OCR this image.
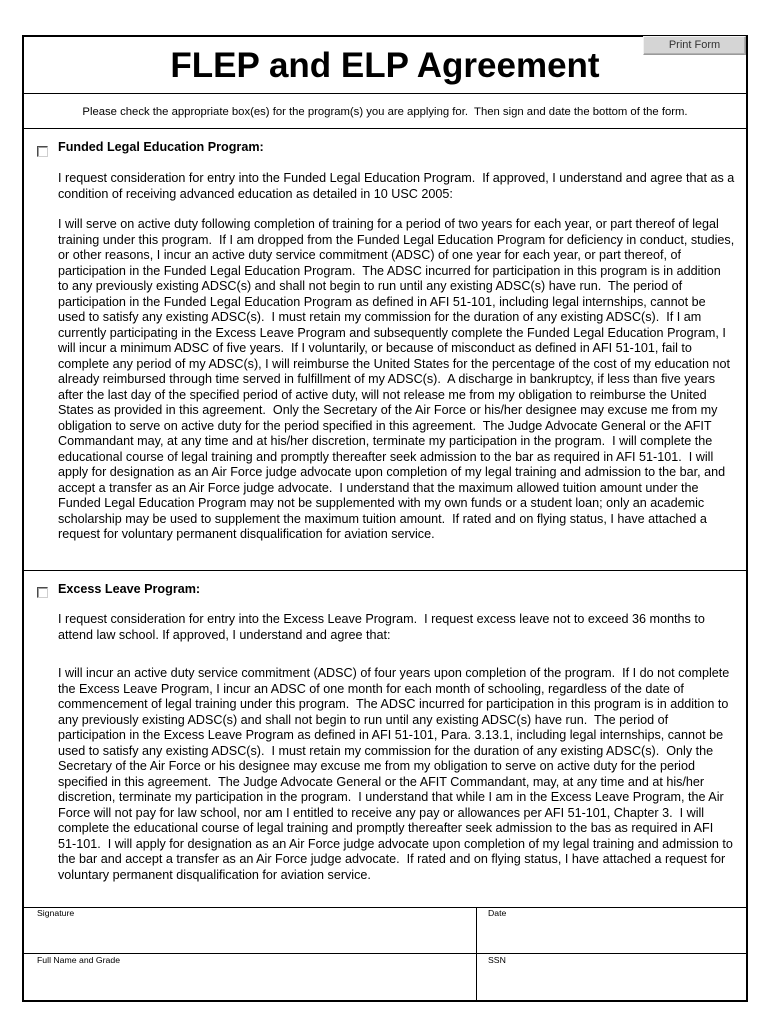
FLEP and ELP Agreement
Print Form
Please check the appropriate box(es) for the program(s) you are applying for.  Then sign and date the bottom of the form.
Funded Legal Education Program:
I request consideration for entry into the Funded Legal Education Program.  If approved, I understand and agree that as a
condition of receiving advanced education as detailed in 10 USC 2005:
I will serve on active duty following completion of training for a period of two years for each year, or part thereof of legal
training under this program.  If I am dropped from the Funded Legal Education Program for deficiency in conduct, studies,
or other reasons, I incur an active duty service commitment (ADSC) of one year for each year, or part thereof, of
participation in the Funded Legal Education Program.  The ADSC incurred for participation in this program is in addition
to any previously existing ADSC(s) and shall not begin to run until any existing ADSC(s) have run.  The period of
participation in the Funded Legal Education Program as defined in AFI 51-101, including legal internships, cannot be
used to satisfy any existing ADSC(s).  I must retain my commission for the duration of any existing ADSC(s).  If I am
currently participating in the Excess Leave Program and subsequently complete the Funded Legal Education Program, I
will incur a minimum ADSC of five years.  If I voluntarily, or because of misconduct as defined in AFI 51-101, fail to
complete any period of my ADSC(s), I will reimburse the United States for the percentage of the cost of my education not
already reimbursed through time served in fulfillment of my ADSC(s).  A discharge in bankruptcy, if less than five years
after the last day of the specified period of active duty, will not release me from my obligation to reimburse the United
States as provided in this agreement.  Only the Secretary of the Air Force or his/her designee may excuse me from my
obligation to serve on active duty for the period specified in this agreement.  The Judge Advocate General or the AFIT
Commandant may, at any time and at his/her discretion, terminate my participation in the program.  I will complete the
educational course of legal training and promptly thereafter seek admission to the bar as required in AFI 51-101.  I will
apply for designation as an Air Force judge advocate upon completion of my legal training and admission to the bar, and
accept a transfer as an Air Force judge advocate.  I understand that the maximum allowed tuition amount under the
Funded Legal Education Program may not be supplemented with my own funds or a student loan; only an academic
scholarship may be used to supplement the maximum tuition amount.  If rated and on flying status, I have attached a
request for voluntary permanent disqualification for aviation service.
Excess Leave Program:
I request consideration for entry into the Excess Leave Program.  I request excess leave not to exceed 36 months to
attend law school. If approved, I understand and agree that:
I will incur an active duty service commitment (ADSC) of four years upon completion of the program.  If I do not complete
the Excess Leave Program, I incur an ADSC of one month for each month of schooling, regardless of the date of
commencement of legal training under this program.  The ADSC incurred for participation in this program is in addition to
any previously existing ADSC(s) and shall not begin to run until any existing ADSC(s) have run.  The period of
participation in the Excess Leave Program as defined in AFI 51-101, Para. 3.13.1, including legal internships, cannot be
used to satisfy any existing ADSC(s).  I must retain my commission for the duration of any existing ADSC(s).  Only the
Secretary of the Air Force or his designee may excuse me from my obligation to serve on active duty for the period
specified in this agreement.  The Judge Advocate General or the AFIT Commandant, may, at any time and at his/her
discretion, terminate my participation in the program.  I understand that while I am in the Excess Leave Program, the Air
Force will not pay for law school, nor am I entitled to receive any pay or allowances per AFI 51-101, Chapter 3.  I will
complete the educational course of legal training and promptly thereafter seek admission to the bas as required in AFI
51-101.  I will apply for designation as an Air Force judge advocate upon completion of my legal training and admission to
the bar and accept a transfer as an Air Force judge advocate.  If rated and on flying status, I have attached a request for
voluntary permanent disqualification for aviation service.
Signature	Date
Full Name and Grade	SSN
